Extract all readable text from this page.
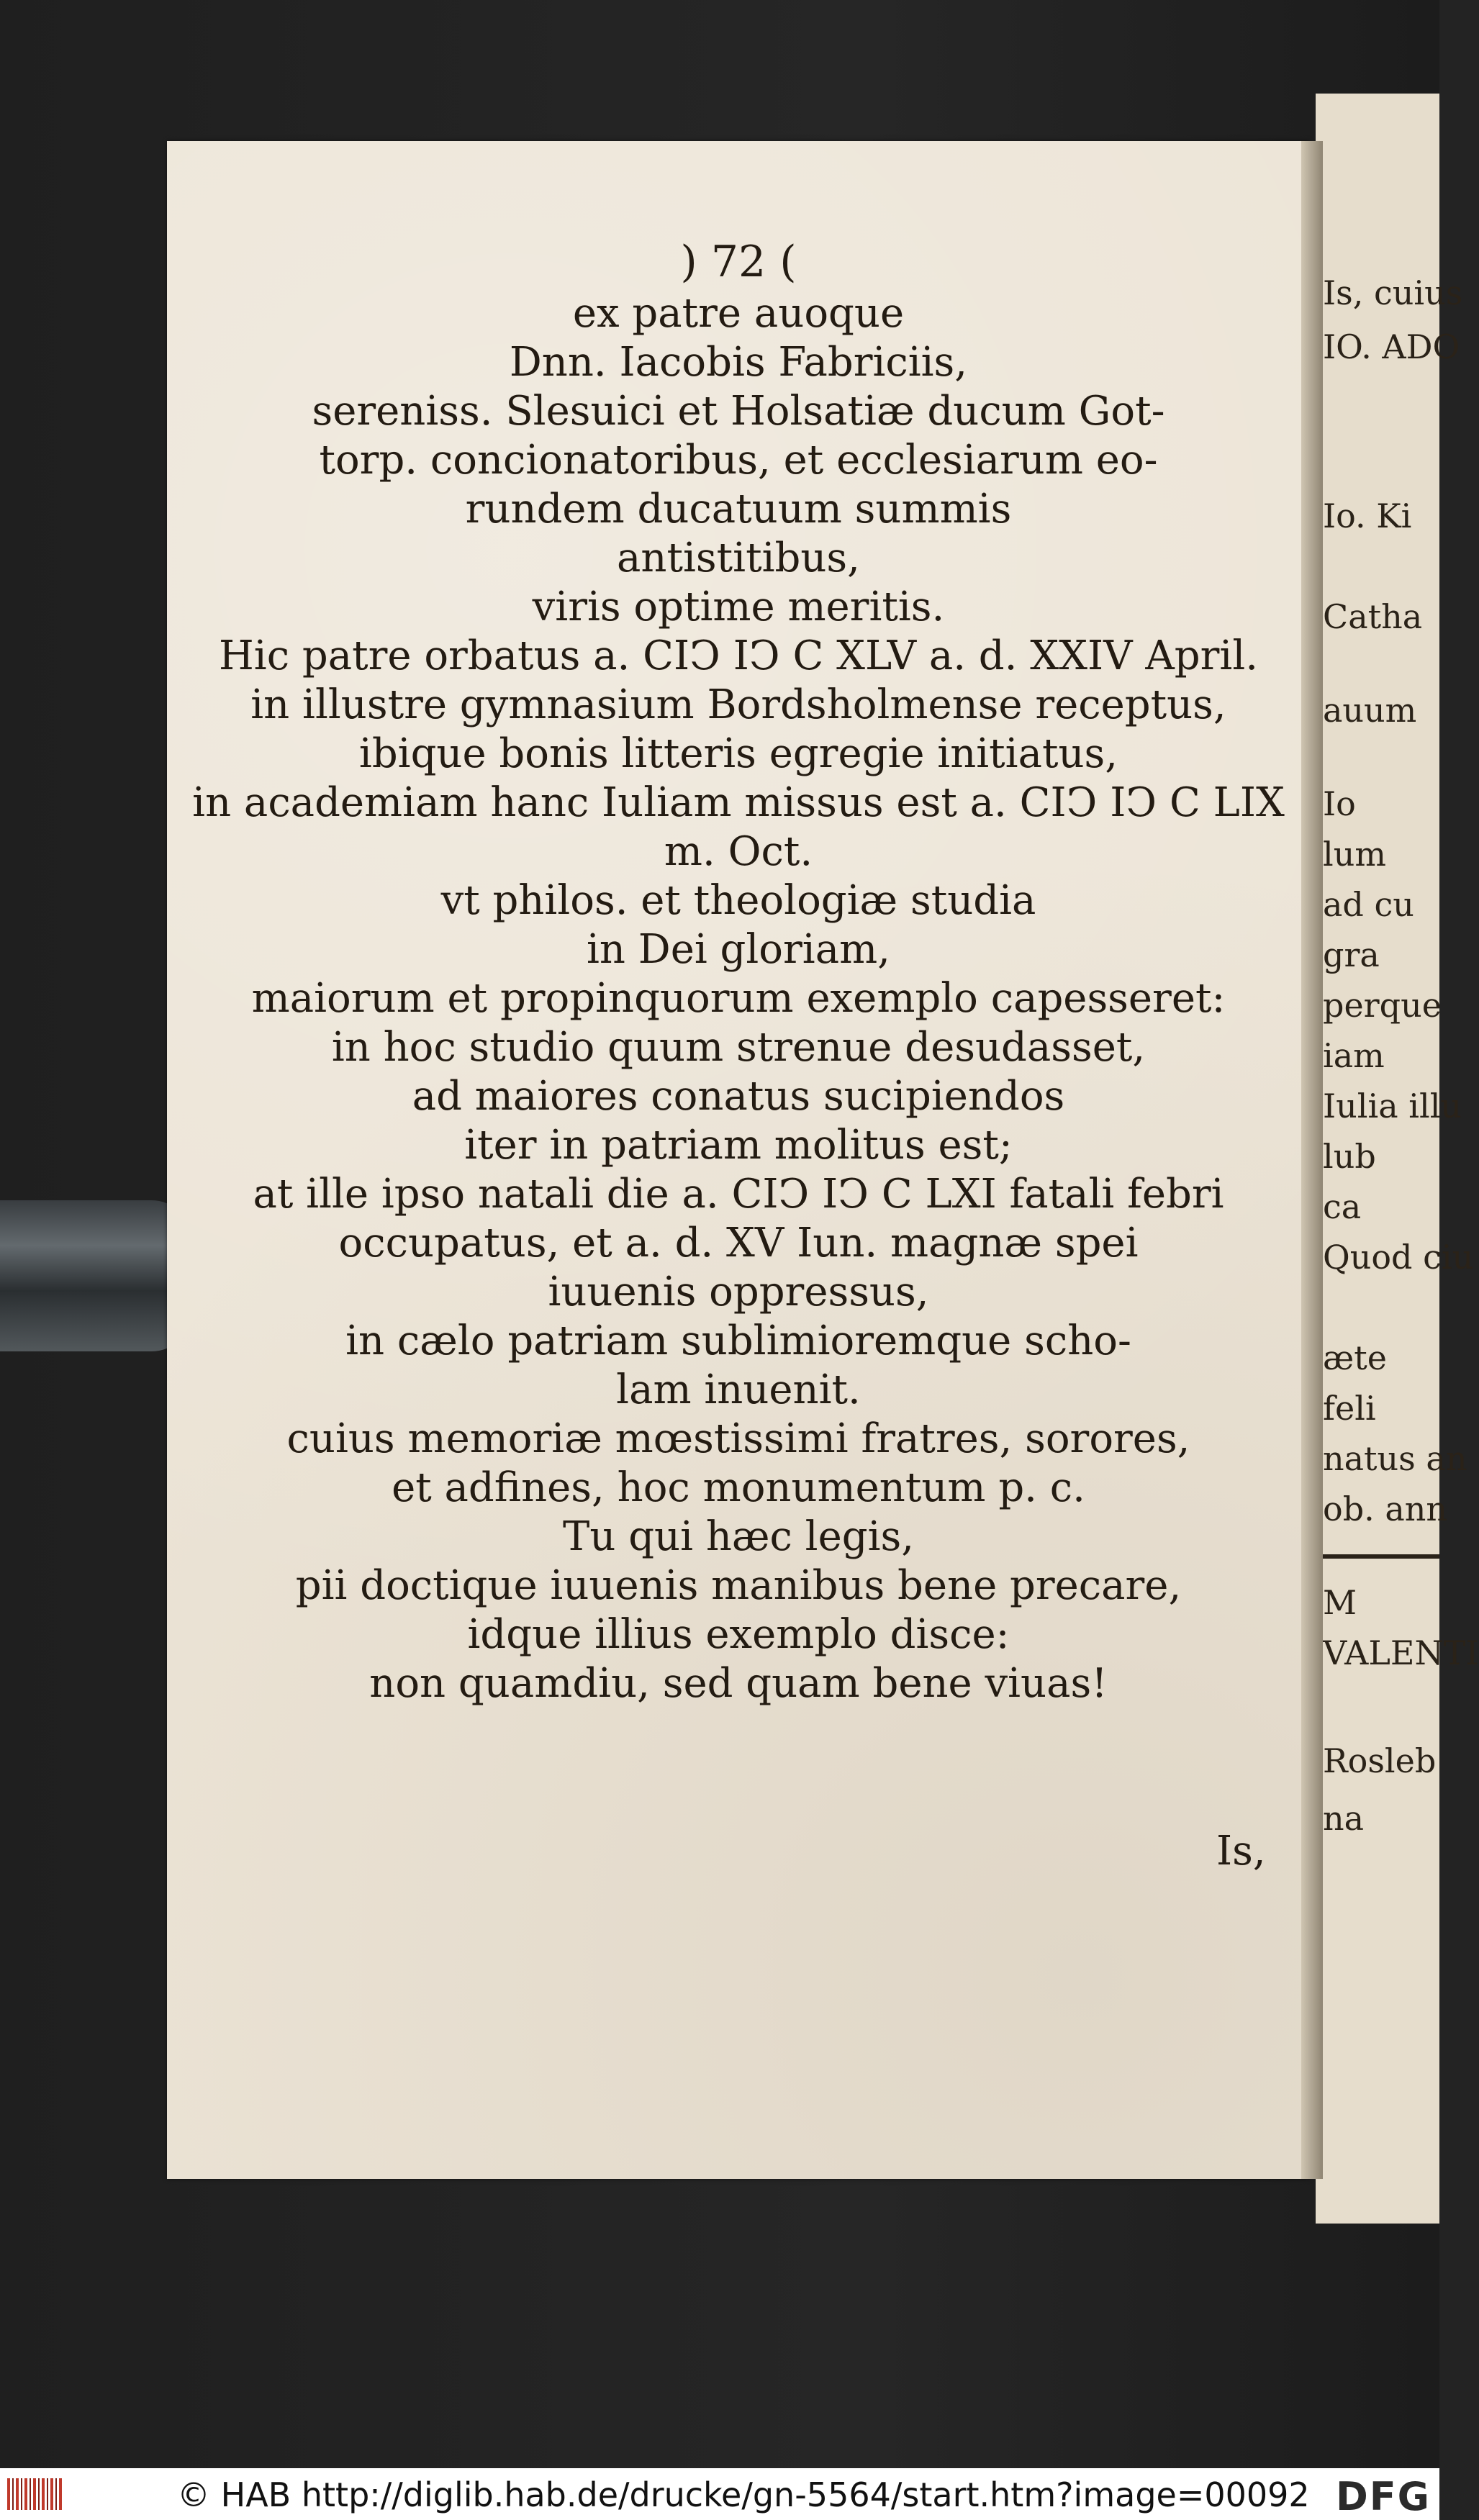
Is, cuius
IO. ADO
Io. Ki
Catha
auum
Io
lum
ad cu
gra
perque
iam
Iulia illu
lub
ca
Quod ciu
æte
feli
natus an
ob. ann
M
VALENTI
Rosleb
na

) 72 (

ex patre auoque

Dnn. Iacobis Fabriciis,

sereniss. Slesuici et Holsatiæ ducum Got-

torp. concionatoribus, et ecclesiarum eo-

rundem ducatuum summis

antistitibus,

viris optime meritis.

Hic patre orbatus a. CIↃ IↃ C XLV a. d. XXIV April.

in illustre gymnasium Bordsholmense receptus,

ibique bonis litteris egregie initiatus,

in academiam hanc Iuliam missus est a. CIↃ IↃ C LIX

m. Oct.

vt philos. et theologiæ studia

in Dei gloriam,

maiorum et propinquorum exemplo capesseret:

in hoc studio quum strenue desudasset,

ad maiores conatus sucipiendos

iter in patriam molitus est;

at ille ipso natali die a. CIↃ IↃ C LXI fatali febri

occupatus, et a. d. XV Iun. magnæ spei

iuuenis oppressus,

in cælo patriam sublimioremque scho-

lam inuenit.

cuius memoriæ mœstissimi fratres, sorores,

et adfines, hoc monumentum p. c.

Tu qui hæc legis,

pii doctique iuuenis manibus bene precare,

idque illius exemplo disce:

non quamdiu, sed quam bene viuas!

Is,
© HAB http://diglib.hab.de/drucke/gn-5564/start.htm?image=00092 DFG
